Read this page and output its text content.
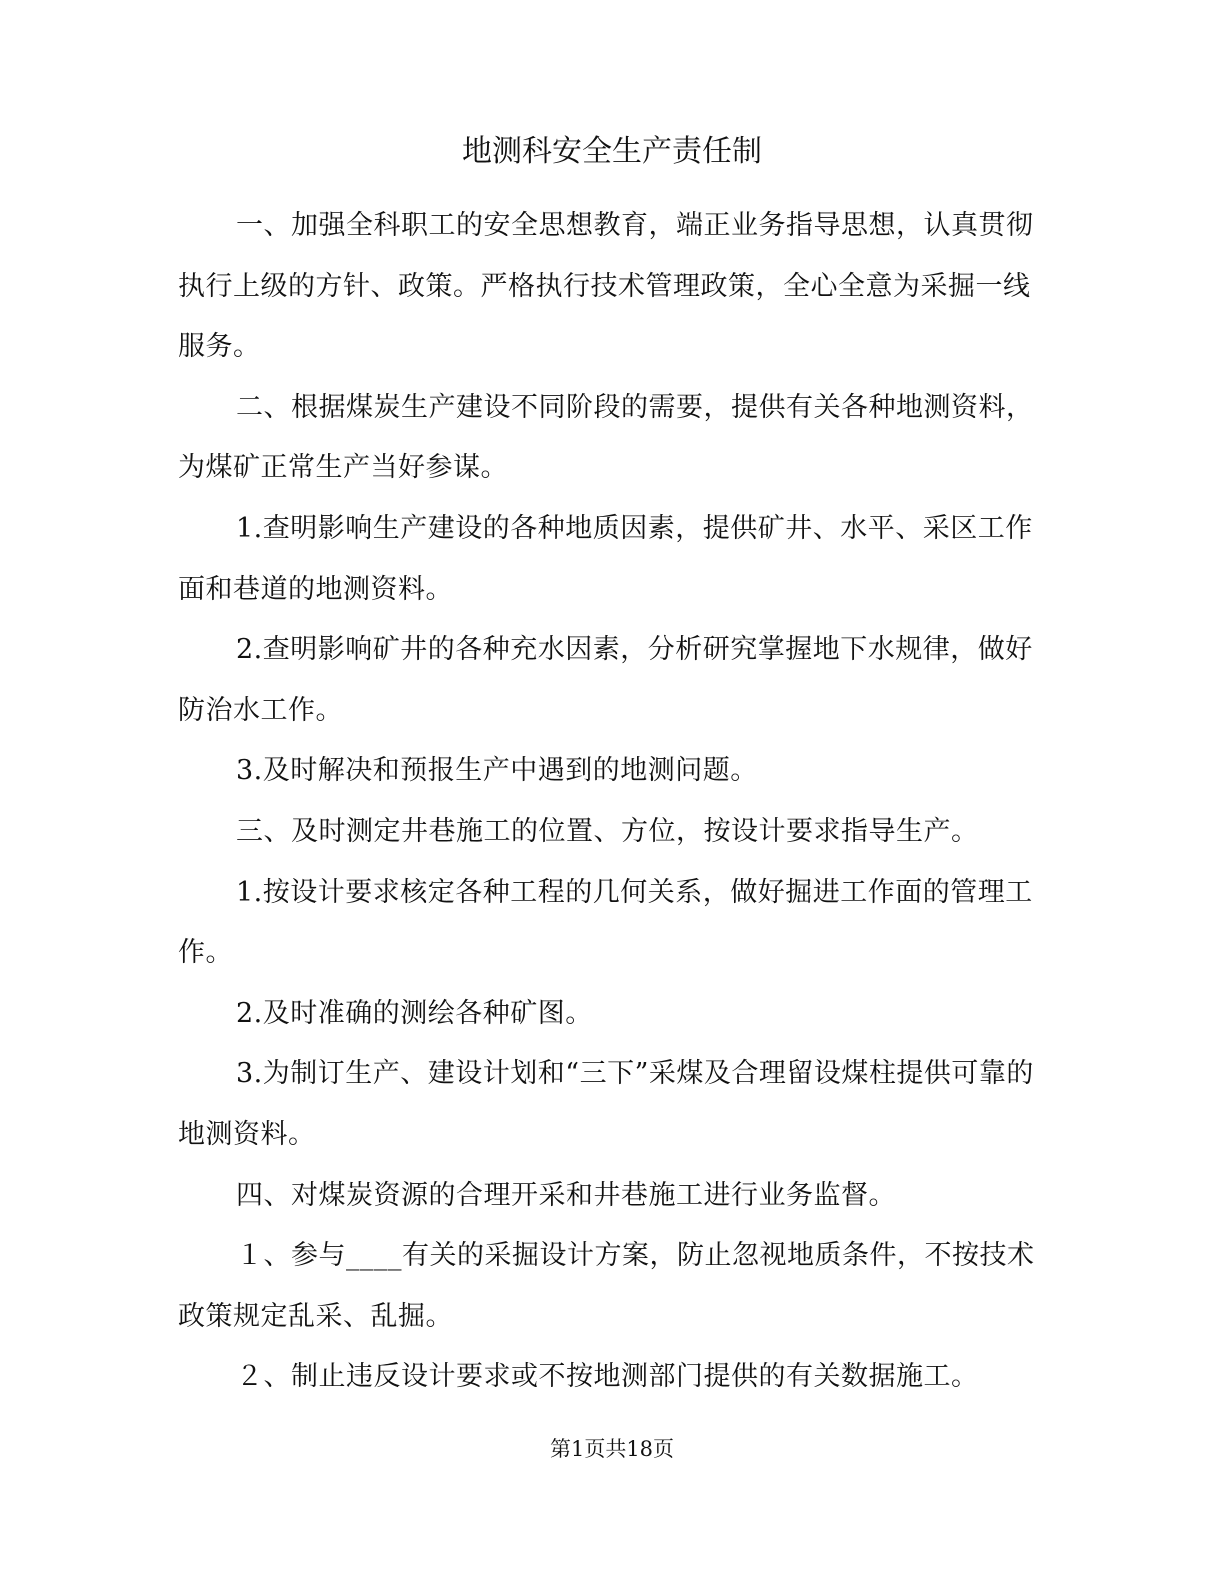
地测科安全生产责任制

一、加强全科职工的安全思想教育，端正业务指导思想，认真贯彻执行上级的方针、政策。严格执行技术管理政策，全心全意为采掘一线服务。

二、根据煤炭生产建设不同阶段的需要，提供有关各种地测资料，为煤矿正常生产当好参谋。

1.查明影响生产建设的各种地质因素，提供矿井、水平、采区工作面和巷道的地测资料。

2.查明影响矿井的各种充水因素，分析研究掌握地下水规律，做好防治水工作。

3.及时解决和预报生产中遇到的地测问题。

三、及时测定井巷施工的位置、方位，按设计要求指导生产。

1.按设计要求核定各种工程的几何关系，做好掘进工作面的管理工作。

2.及时准确的测绘各种矿图。

3.为制订生产、建设计划和“三下”采煤及合理留设煤柱提供可靠的地测资料。

四、对煤炭资源的合理开采和井巷施工进行业务监督。

１、参与____有关的采掘设计方案，防止忽视地质条件，不按技术政策规定乱采、乱掘。

２、制止违反设计要求或不按地测部门提供的有关数据施工。

第1页共18页
